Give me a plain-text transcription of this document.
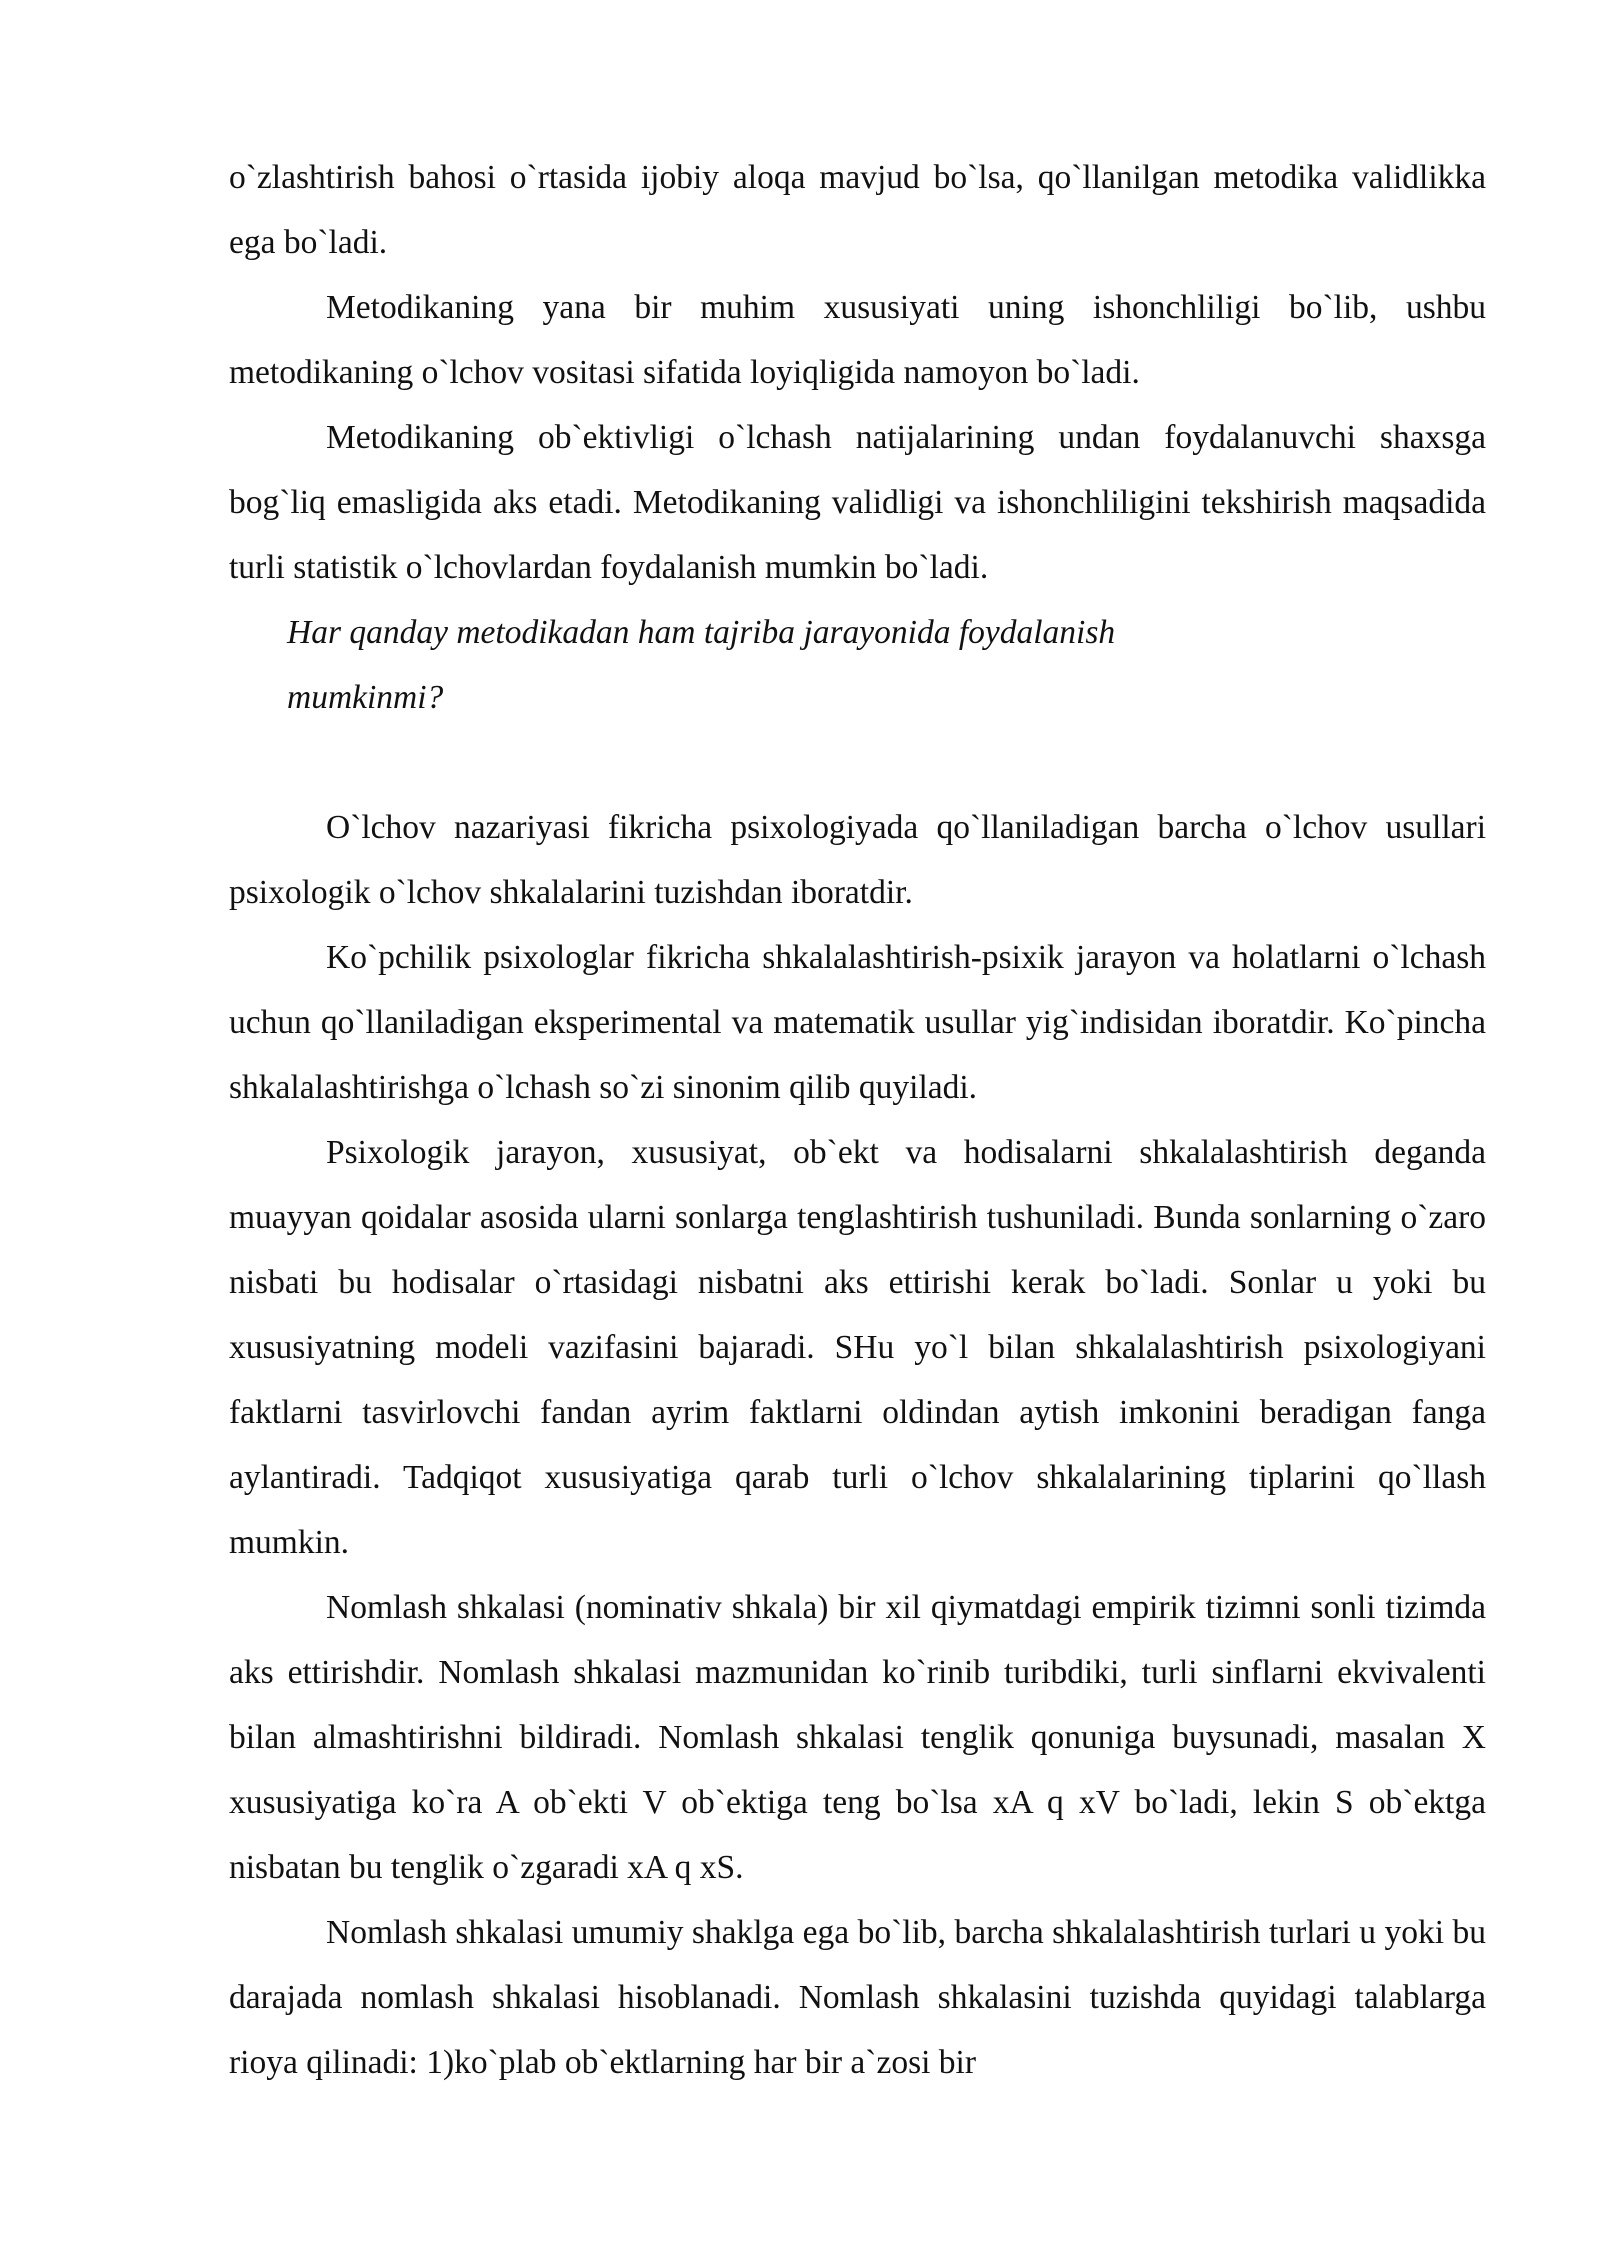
o`zlashtirish bahosi o`rtasida ijobiy aloqa mavjud bo`lsa, qo`llanilgan metodika validlikka ega bo`ladi.

Metodikaning yana bir muhim xususiyati uning ishonchliligi bo`lib, ushbu metodikaning o`lchov vositasi sifatida loyiqligida namoyon bo`ladi.

Metodikaning ob`ektivligi o`lchash natijalarining undan foydalanuvchi shaxsga bog`liq emasligida aks etadi. Metodikaning validligi va ishonchliligini tekshirish maqsadida turli statistik o`lchovlardan foydalanish mumkin bo`ladi.

Har qanday metodikadan ham tajriba jarayonida foydalanish mumkinmi?

O`lchov nazariyasi fikricha psixologiyada qo`llaniladigan barcha o`lchov usullari psixologik o`lchov shkalalarini tuzishdan iboratdir.

Ko`pchilik psixologlar fikricha shkalalashtirish-psixik jarayon va holatlarni o`lchash uchun qo`llaniladigan eksperimental va matematik usullar yig`indisidan iboratdir. Ko`pincha shkalalashtirishga o`lchash so`zi sinonim qilib quyiladi.

Psixologik jarayon, xususiyat, ob`ekt va hodisalarni shkalalashtirish deganda muayyan qoidalar asosida ularni sonlarga tenglashtirish tushuniladi. Bunda sonlarning o`zaro nisbati bu hodisalar o`rtasidagi nisbatni aks ettirishi kerak bo`ladi. Sonlar u yoki bu xususiyatning modeli vazifasini bajaradi. SHu yo`l bilan shkalalashtirish psixologiyani faktlarni tasvirlovchi fandan ayrim faktlarni oldindan aytish imkonini beradigan fanga aylantiradi. Tadqiqot xususiyatiga qarab turli o`lchov shkalalarining tiplarini qo`llash mumkin.

Nomlash shkalasi (nominativ shkala) bir xil qiymatdagi empirik tizimni sonli tizimda aks ettirishdir. Nomlash shkalasi mazmunidan ko`rinib turibdiki, turli sinflarni ekvivalenti bilan almashtirishni bildiradi. Nomlash shkalasi tenglik qonuniga buysunadi, masalan X xususiyatiga ko`ra A ob`ekti V ob`ektiga teng bo`lsa xA q xV bo`ladi, lekin S ob`ektga nisbatan bu tenglik o`zgaradi xA q xS.

Nomlash shkalasi umumiy shaklga ega bo`lib, barcha shkalalashtirish turlari u yoki bu darajada nomlash shkalasi hisoblanadi. Nomlash shkalasini tuzishda quyidagi talablarga rioya qilinadi: 1)ko`plab ob`ektlarning har bir a`zosi bir
